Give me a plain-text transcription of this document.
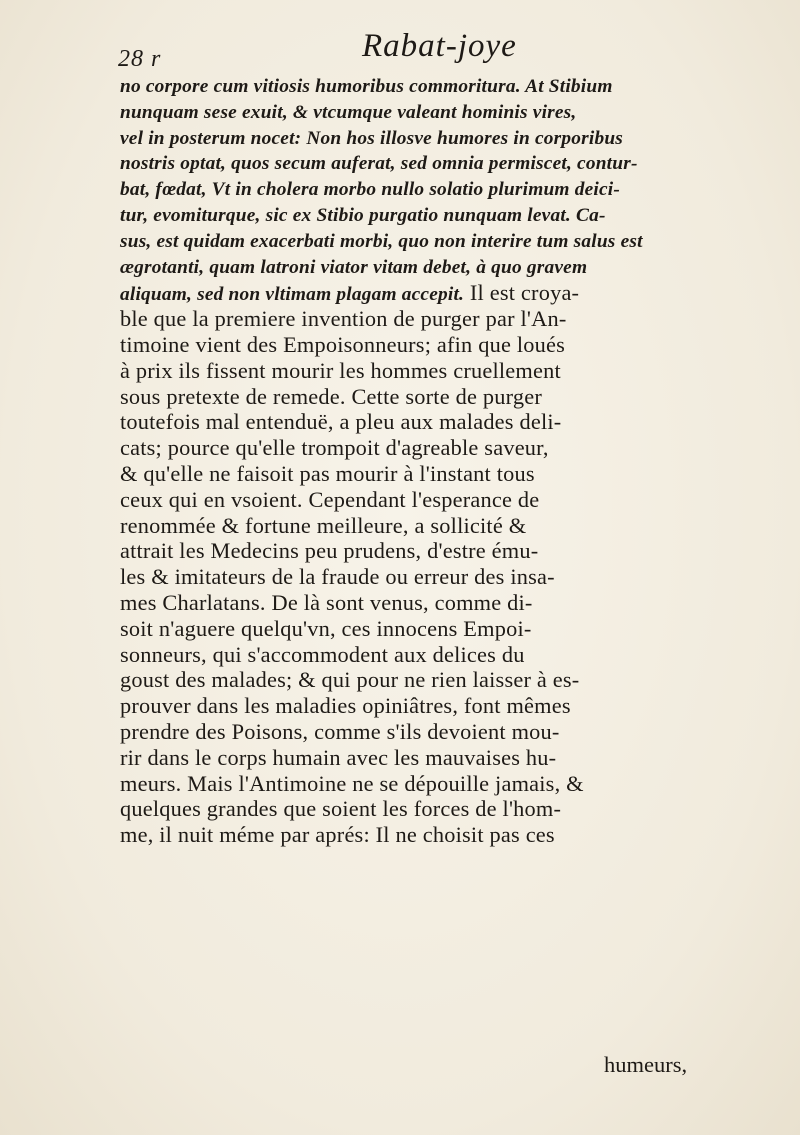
28 r	Rabat-joye
no corpore cum vitiosis humoribus commoritura. At Stibium
nunquam sese exuit, & vtcumque valeant hominis vires,
vel in posterum nocet: Non hos illosve humores in corporibus
nostris optat, quos secum auferat, sed omnia permiscet, contur-
bat, fœdat, Vt in cholera morbo nullo solatio plurimum deici-
tur, evomiturque, sic ex Stibio purgatio nunquam levat. Ca-
sus, est quidam exacerbati morbi, quo non interire tum salus est
ægrotanti, quam latroni viator vitam debet, à quo gravem
aliquam, sed non vltimam plagam accepit. Il est croya-
ble que la premiere invention de purger par l'An-
timoine vient des Empoisonneurs; afin que loués
à prix ils fissent mourir les hommes cruellement
sous pretexte de remede. Cette sorte de purger
toutefois mal entenduë, a pleu aux malades deli-
cats; pource qu'elle trompoit d'agreable saveur,
& qu'elle ne faisoit pas mourir à l'instant tous
ceux qui en vsoient. Cependant l'esperance de
renommée & fortune meilleure, a sollicité &
attrait les Medecins peu prudens, d'estre ému-
les & imitateurs de la fraude ou erreur des insa-
mes Charlatans. De là sont venus, comme di-
soit n'aguere quelqu'vn, ces innocens Empoi-
sonneurs, qui s'accommodent aux delices du
goust des malades; & qui pour ne rien laisser à es-
prouver dans les maladies opiniâtres, font mêmes
prendre des Poisons, comme s'ils devoient mou-
rir dans le corps humain avec les mauvaises hu-
meurs. Mais l'Antimoine ne se dépouille jamais, &
quelques grandes que soient les forces de l'hom-
me, il nuit méme par aprés: Il ne choisit pas ces
humeurs,
